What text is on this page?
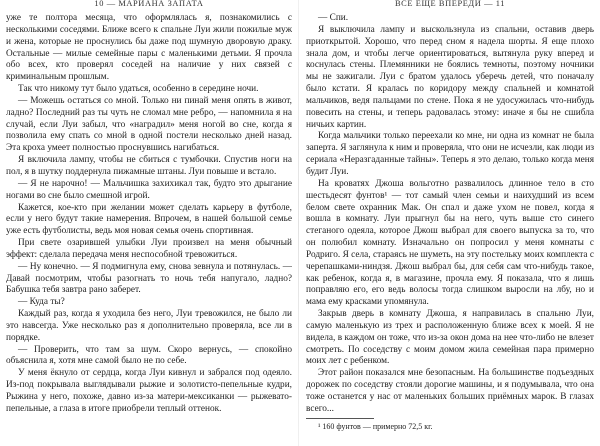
10 — МАРИАНА ЗАПАТА

уже те полтора месяца, что оформлялась я, познакомились с несколькими соседями. Ближе всего к спальне Луи жили пожилые муж и жена, которые не проснулись бы даже под шумную дворовую драку. Остальные — милые семейные пары с маленькими детьми. Я прочла обо всех, кто проверял соседей на наличие у них связей с криминальным прошлым.

Так что никому тут было удаться, особенно в середине ночи.

— Можешь остаться со мной. Только ни пинай меня опять в живот, ладно? Последний раз ты чуть не сломал мне ребро, — напомнила я на случай, если Луи забыл, что «наградил» меня ногой во сне, когда я позволила ему спать со мной в одной постели несколько дней назад. Эта кроха умеет полностью проснувшись нагибаться.

Я включила лампу, чтобы не сбиться с тумбочки. Спустив ноги на пол, я в шутку поддернула пижамные штаны. Луи повыше и встало.

— Я не нарочно! — Мальчишка захихикал так, будто это дрыгание ногами во сне было смешной игрой.

Кажется, кое-кто при желании может сделать карьеру в футболе, если у него будут такие намерения. Впрочем, в нашей большой семье уже есть футболисты, ведь моя новая семья очень спортивная.

При свете озарившей улыбки Луи произвел на меня обычный эффект: сделала передача меня неспособной тревожиться.

— Ну конечно. — Я подмигнула ему, снова зевнула и потянулась. — Давай посмотрим, чтобы разогнать то ночь тебя напугало, ладно? Бабушка тебя завтра рано заберет.

— Куда ты?

Каждый раз, когда я уходила без него, Луи тревожился, не было ли это навсегда. Уже несколько раз я дополнительно проверяла, все ли в порядке.

— Проверить, что там за шум. Скоро вернусь, — спокойно объяснила я, хотя мне самой было не по себе.

У меня ёкнуло от сердца, когда Луи кивнул и забрался под одеяло. Из-под покрывала выглядывали рыжие и золотисто-пепельные кудри, Рыжина у него, похоже, давно из-за матери-мексиканки — рыжевато-пепельные, а глаза в итоге приобрели теплый оттенок.

ВСЕ ЕЩЕ ВПЕРЕДИ — 11

— Спи.

Я выключила лампу и выскользнула из спальни, оставив дверь приоткрытой. Хорошо, что перед сном я надела шорты. Я еще плохо знала дом, и чтобы легче ориентироваться, вытянула руку вперед и коснулась стены. Племянники не боялись темноты, поэтому ночники мы не зажигали. Луи с братом удалось уберечь детей, что поначалу было кстати. Я кралась по коридору между спальней и комнатой мальчиков, ведя пальцами по стене. Пока я не удосужилась что-нибудь повесить на стены, и теперь радовалась этому: иначе я бы не сшибла ничьих картин.

Когда мальчики только переехали ко мне, ни одна из комнат не была заперта. Я заглянула к ним и проверяла, что они не исчезли, как люди из сериала «Неразгаданные тайны». Теперь я это делаю, только когда меня будит Луи.

На кроватях Джоша вольготно развалилось длинное тело в сто шестьдесят фунтов¹ — тот самый член семьи и наихудший из всем белом свете охранник Мак. Он спал и даже ухом не повел, когда я вошла в комнату. Луи прыгнул бы на него, чуть выше сто синего стеганого одеяла, которое Джош выбрал для своего выпуска за то, что он полюбил комнату. Изначально он попросил у меня комнаты с Родриго. Я села, стараясь не шуметь, на эту постельку моих комплекта с черепашками-ниндзя. Джош выбрал бы, для себя сам что-нибудь такое, как ребенок, когда я, в магазине, прочла ему. Я показала, что я лишь поправляю его, его ведь волосы тогда слишком выросли на лбу, но и мама ему красками упомянула.

Закрыв дверь в комнату Джоша, я направилась в спальню Луи, самую маленькую из трех и расположенную ближе всех к моей. Я не видела, в каждом он тоже, что из-за окон дома на нее что-либо не влезет смотреть. По соседству с моим домом жила семейная пара примерно моих лет с ребенком.

Этот район показался мне безопасным. На большинстве подъездных дорожек по соседству стояли дорогие машины, и я подумывала, что она тоже останется у нас от маленьких больших приёмных марок. В глазах всего...

¹ 160 фунтов — примерно 72,5 кг.
